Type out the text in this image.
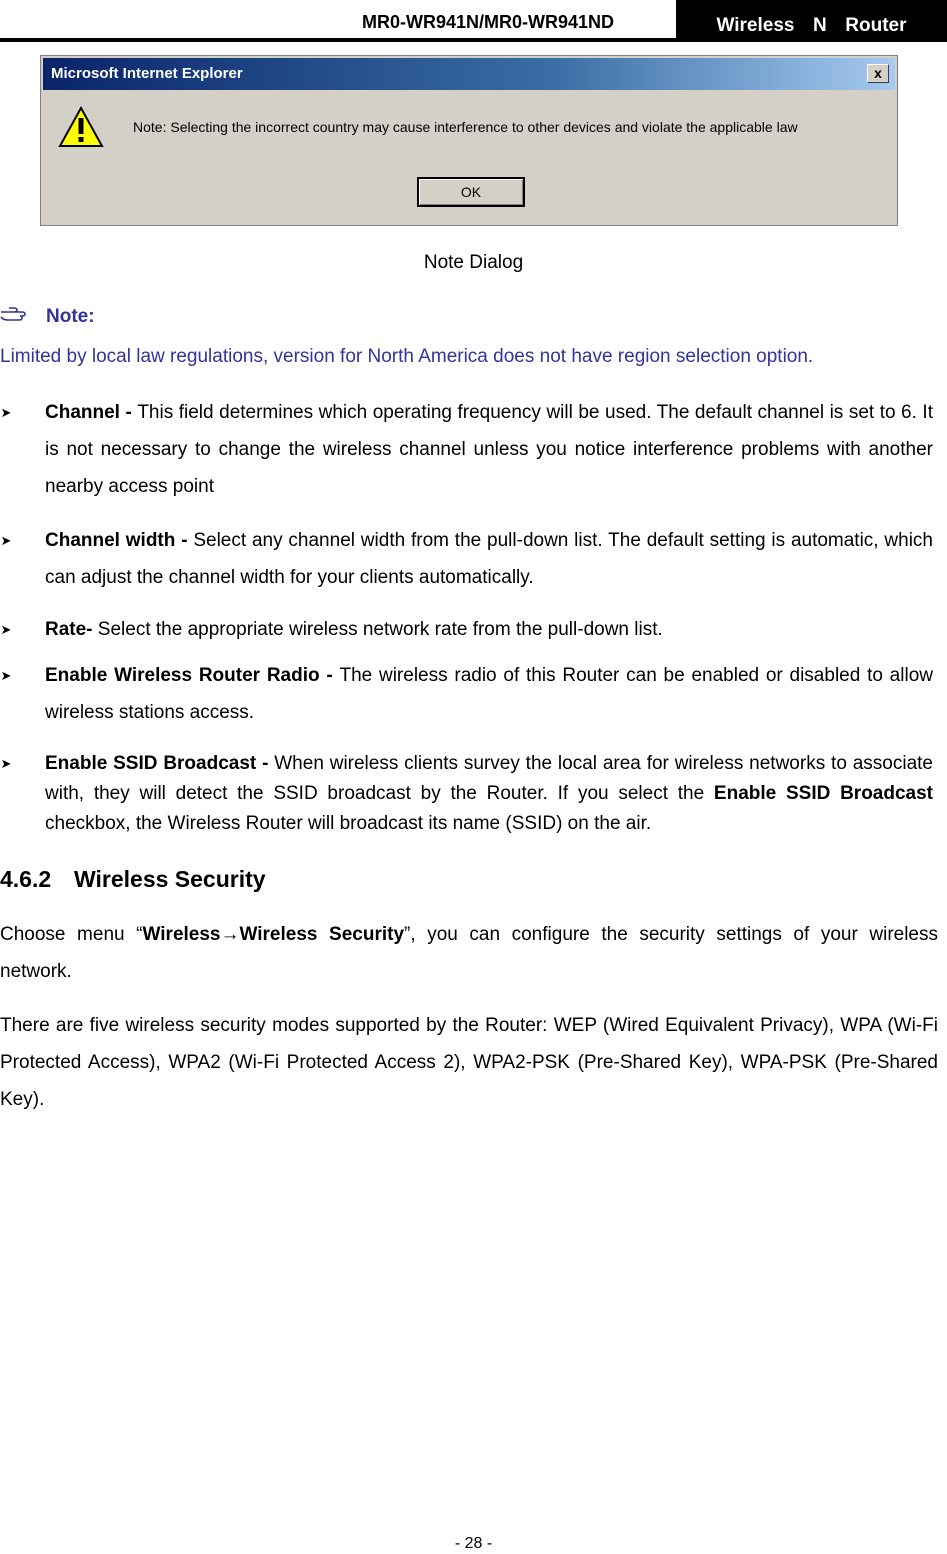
MR0-WR941N/MR0-WR941ND	Wireless  N  Router
Microsoft Internet Explorer	x
Note: Selecting the incorrect country may cause interference to other devices and violate the applicable law
OK
Note Dialog
Note:
Limited by local law regulations, version for North America does not have region selection option.
➤ Channel - This field determines which operating frequency will be used. The default channel is set to 6. It is not necessary to change the wireless channel unless you notice interference problems with another nearby access point
➤ Channel width - Select any channel width from the pull-down list. The default setting is automatic, which can adjust the channel width for your clients automatically.
➤ Rate- Select the appropriate wireless network rate from the pull-down list.
➤ Enable Wireless Router Radio - The wireless radio of this Router can be enabled or disabled to allow wireless stations access.
➤ Enable SSID Broadcast - When wireless clients survey the local area for wireless networks to associate with, they will detect the SSID broadcast by the Router. If you select the Enable SSID Broadcast checkbox, the Wireless Router will broadcast its name (SSID) on the air.
4.6.2 Wireless Security
Choose menu “Wireless→Wireless Security”, you can configure the security settings of your wireless network.
There are five wireless security modes supported by the Router: WEP (Wired Equivalent Privacy), WPA (Wi-Fi Protected Access), WPA2 (Wi-Fi Protected Access 2), WPA2-PSK (Pre-Shared Key), WPA-PSK (Pre-Shared Key).
- 28 -
